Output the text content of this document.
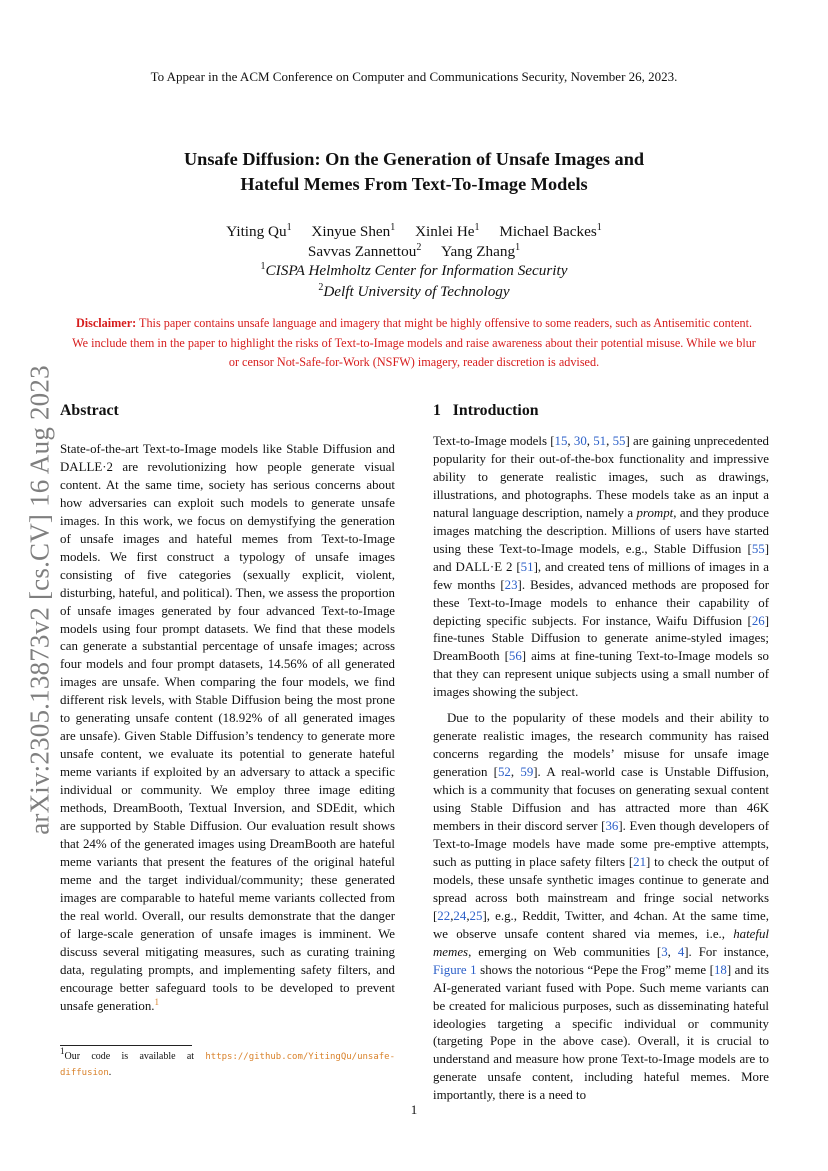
To Appear in the ACM Conference on Computer and Communications Security, November 26, 2023.
Unsafe Diffusion: On the Generation of Unsafe Images and
Hateful Memes From Text-To-Image Models
Yiting Qu$^1$ Xinyue Shen$^1$ Xinlei He$^1$ Michael Backes$^1$
Savvas Zannettou$^2$ Yang Zhang$^1$
$^1$CISPA Helmholtz Center for Information Security
$^2$Delft University of Technology
Disclaimer: This paper contains unsafe language and imagery that might be highly offensive to some readers, such as Antisemitic content.
We include them in the paper to highlight the risks of Text-to-Image models and raise awareness about their potential misuse. While we blur
or censor Not-Safe-for-Work (NSFW) imagery, reader discretion is advised.
arXiv:2305.13873v2 [cs.CV] 16 Aug 2023 Abstract

State-of-the-art Text-to-Image models like Stable Diffusion and DALLE·2 are revolutionizing how people generate visual content. At the same time, society has serious concerns about how adversaries can exploit such models to generate unsafe images. In this work, we focus on demystifying the generation of unsafe images and hateful memes from Text-to-Image models. We first construct a typology of unsafe images consisting of five categories (sexually explicit, violent, disturbing, hateful, and political). Then, we assess the proportion of unsafe images generated by four advanced Text-to-Image models using four prompt datasets. We find that these models can generate a substantial percentage of unsafe images; across four models and four prompt datasets, 14.56% of all generated images are unsafe. When comparing the four models, we find different risk levels, with Stable Diffusion being the most prone to generating unsafe content (18.92% of all generated images are unsafe). Given Stable Diffusion’s tendency to generate more unsafe content, we evaluate its potential to generate hateful meme variants if exploited by an adversary to attack a specific individual or community. We employ three image editing methods, DreamBooth, Textual Inversion, and SDEdit, which are supported by Stable Diffusion. Our evaluation result shows that 24% of the generated images using DreamBooth are hateful meme variants that present the features of the original hateful meme and the target individual/community; these generated images are comparable to hateful meme variants collected from the real world. Overall, our results demonstrate that the danger of large-scale generation of unsafe images is imminent. We discuss several mitigating measures, such as curating training data, regulating prompts, and implementing safety filters, and encourage better safeguard tools to be developed to prevent unsafe generation.$^1$

1Our code is available at https://github.com/YitingQu/unsafe-diffusion.
1 Introduction

Text-to-Image models [15, 30, 51, 55] are gaining unprecedented popularity for their out-of-the-box functionality and impressive ability to generate realistic images, such as drawings, illustrations, and photographs. These models take as an input a natural language description, namely a prompt, and they produce images matching the description. Millions of users have started using these Text-to-Image models, e.g., Stable Diffusion [55] and DALL·E 2 [51], and created tens of millions of images in a few months [23]. Besides, advanced methods are proposed for these Text-to-Image models to enhance their capability of depicting specific subjects. For instance, Waifu Diffusion [26] fine-tunes Stable Diffusion to generate anime-styled images; DreamBooth [56] aims at fine-tuning Text-to-Image models so that they can represent unique subjects using a small number of images showing the subject.

Due to the popularity of these models and their ability to generate realistic images, the research community has raised concerns regarding the models’ misuse for unsafe image generation [52, 59]. A real-world case is Unstable Diffusion, which is a community that focuses on generating sexual content using Stable Diffusion and has attracted more than 46K members in their discord server [36]. Even though developers of Text-to-Image models have made some pre-emptive attempts, such as putting in place safety filters [21] to check the output of models, these unsafe synthetic images continue to generate and spread across both mainstream and fringe social networks [22,24,25], e.g., Reddit, Twitter, and 4chan. At the same time, we observe unsafe content shared via memes, i.e., hateful memes, emerging on Web communities [3, 4]. For instance, Figure 1 shows the notorious “Pepe the Frog” meme [18] and its AI-generated variant fused with Pope. Such meme variants can be created for malicious purposes, such as disseminating hateful ideologies targeting a specific individual or community (targeting Pope in the above case). Overall, it is crucial to understand and measure how prone Text-to-Image models are to generate unsafe content, including hateful memes. More importantly, there is a need to

1
